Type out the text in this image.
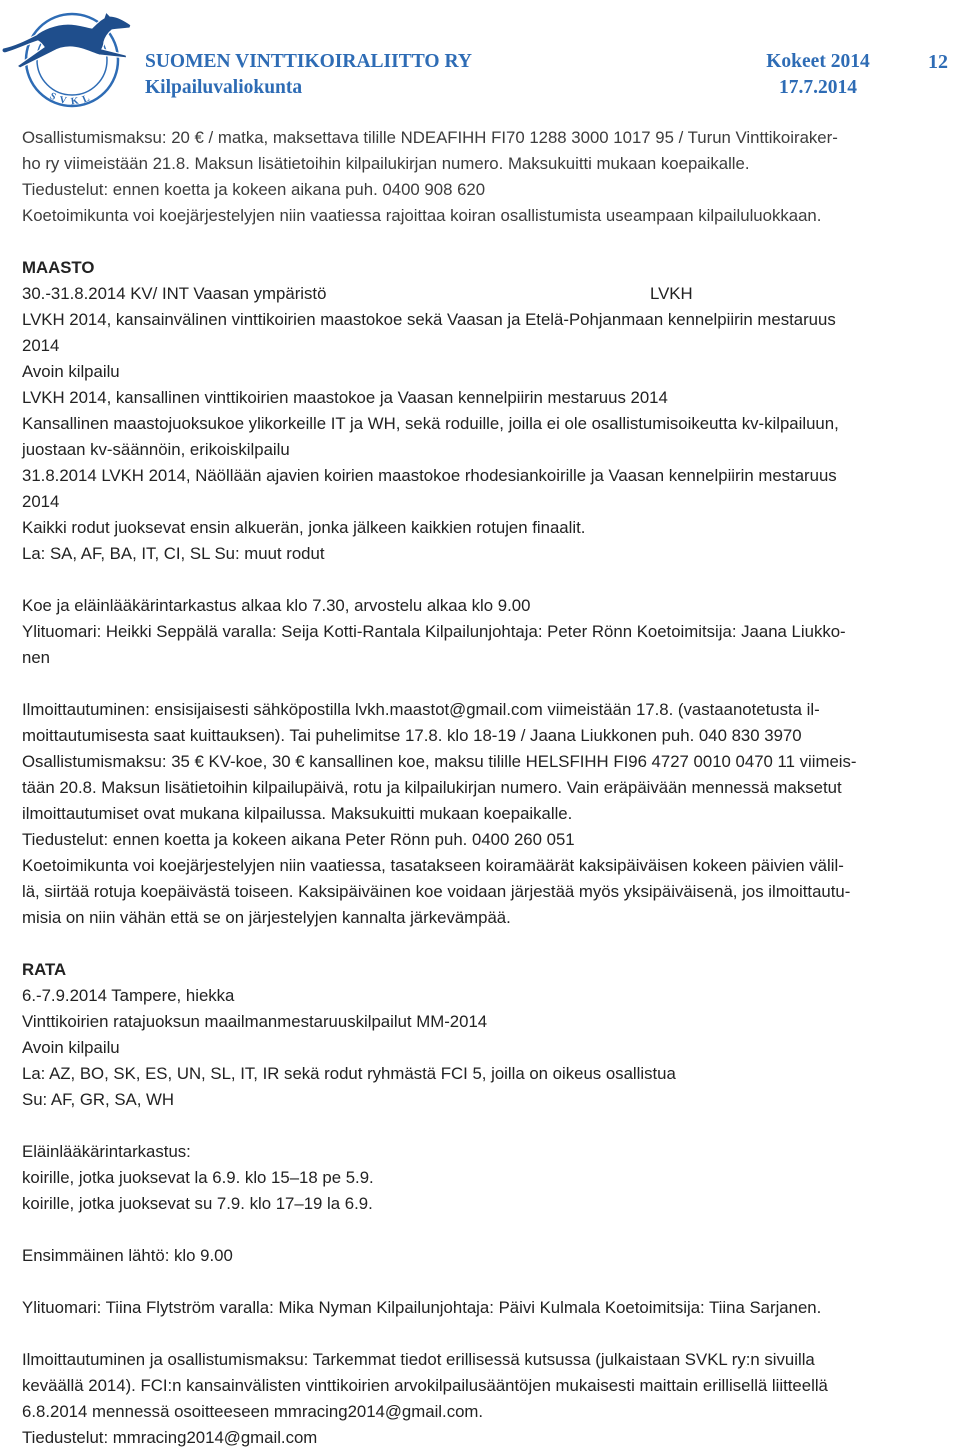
SVKL
SUOMEN VINTTIKOIRALIITTO RY
Kilpailuvaliokunta
Kokeet 2014
17.7.2014
12
Osallistumismaksu: 20 € / matka, maksettava tilille NDEAFIHH FI70 1288 3000 1017 95 / Turun Vinttikoiraker-
ho ry viimeistään 21.8. Maksun lisätietoihin kilpailukirjan numero. Maksukuitti mukaan koepaikalle.
Tiedustelut: ennen koetta ja kokeen aikana puh. 0400 908 620
Koetoimikunta voi koejärjestelyjen niin vaatiessa rajoittaa koiran osallistumista useampaan kilpailuluokkaan.
MAASTO
30.-31.8.2014 KV/ INT Vaasan ympäristö	LVKH
LVKH 2014, kansainvälinen vinttikoirien maastokoe sekä Vaasan ja Etelä-Pohjanmaan kennelpiirin mestaruus
2014
Avoin kilpailu
LVKH 2014, kansallinen vinttikoirien maastokoe ja Vaasan kennelpiirin mestaruus 2014
Kansallinen maastojuoksukoe ylikorkeille IT ja WH, sekä roduille, joilla ei ole osallistumisoikeutta kv-kilpailuun,
juostaan kv-säännöin, erikoiskilpailu
31.8.2014 LVKH 2014, Näöllään ajavien koirien maastokoe rhodesiankoirille ja Vaasan kennelpiirin mestaruus
2014
Kaikki rodut juoksevat ensin alkuerän, jonka jälkeen kaikkien rotujen finaalit.
La: SA, AF, BA, IT, CI, SL Su: muut rodut
Koe ja eläinlääkärintarkastus alkaa klo 7.30, arvostelu alkaa klo 9.00
Ylituomari: Heikki Seppälä varalla: Seija Kotti-Rantala Kilpailunjohtaja: Peter Rönn Koetoimitsija: Jaana Liukko-
nen
Ilmoittautuminen: ensisijaisesti sähköpostilla lvkh.maastot@gmail.com viimeistään 17.8. (vastaanotetusta il-
moittautumisesta saat kuittauksen). Tai puhelimitse 17.8. klo 18-19 / Jaana Liukkonen puh. 040 830 3970
Osallistumismaksu: 35 € KV-koe, 30 € kansallinen koe, maksu tilille HELSFIHH FI96 4727 0010 0470 11 viimeis-
tään 20.8. Maksun lisätietoihin kilpailupäivä, rotu ja kilpailukirjan numero. Vain eräpäivään mennessä maksetut
ilmoittautumiset ovat mukana kilpailussa. Maksukuitti mukaan koepaikalle.
Tiedustelut: ennen koetta ja kokeen aikana Peter Rönn puh. 0400 260 051
Koetoimikunta voi koejärjestelyjen niin vaatiessa, tasatakseen koiramäärät kaksipäiväisen kokeen päivien välil-
lä, siirtää rotuja koepäivästä toiseen. Kaksipäiväinen koe voidaan järjestää myös yksipäiväisenä, jos ilmoittautu-
misia on niin vähän että se on järjestelyjen kannalta järkevämpää.
RATA
6.-7.9.2014 Tampere, hiekka
Vinttikoirien ratajuoksun maailmanmestaruuskilpailut MM-2014
Avoin kilpailu
La: AZ, BO, SK, ES, UN, SL, IT, IR sekä rodut ryhmästä FCI 5, joilla on oikeus osallistua
Su: AF, GR, SA, WH
Eläinlääkärintarkastus:
koirille, jotka juoksevat la 6.9. klo 15–18 pe 5.9.
koirille, jotka juoksevat su 7.9. klo 17–19 la 6.9.
Ensimmäinen lähtö: klo 9.00
Ylituomari: Tiina Flytström varalla: Mika Nyman Kilpailunjohtaja: Päivi Kulmala Koetoimitsija: Tiina Sarjanen.
Ilmoittautuminen ja osallistumismaksu: Tarkemmat tiedot erillisessä kutsussa (julkaistaan SVKL ry:n sivuilla
keväällä 2014). FCI:n kansainvälisten vinttikoirien arvokilpailusääntöjen mukaisesti maittain erillisellä liitteellä
6.8.2014 mennessä osoitteeseen mmracing2014@gmail.com.
Tiedustelut: mmracing2014@gmail.com
